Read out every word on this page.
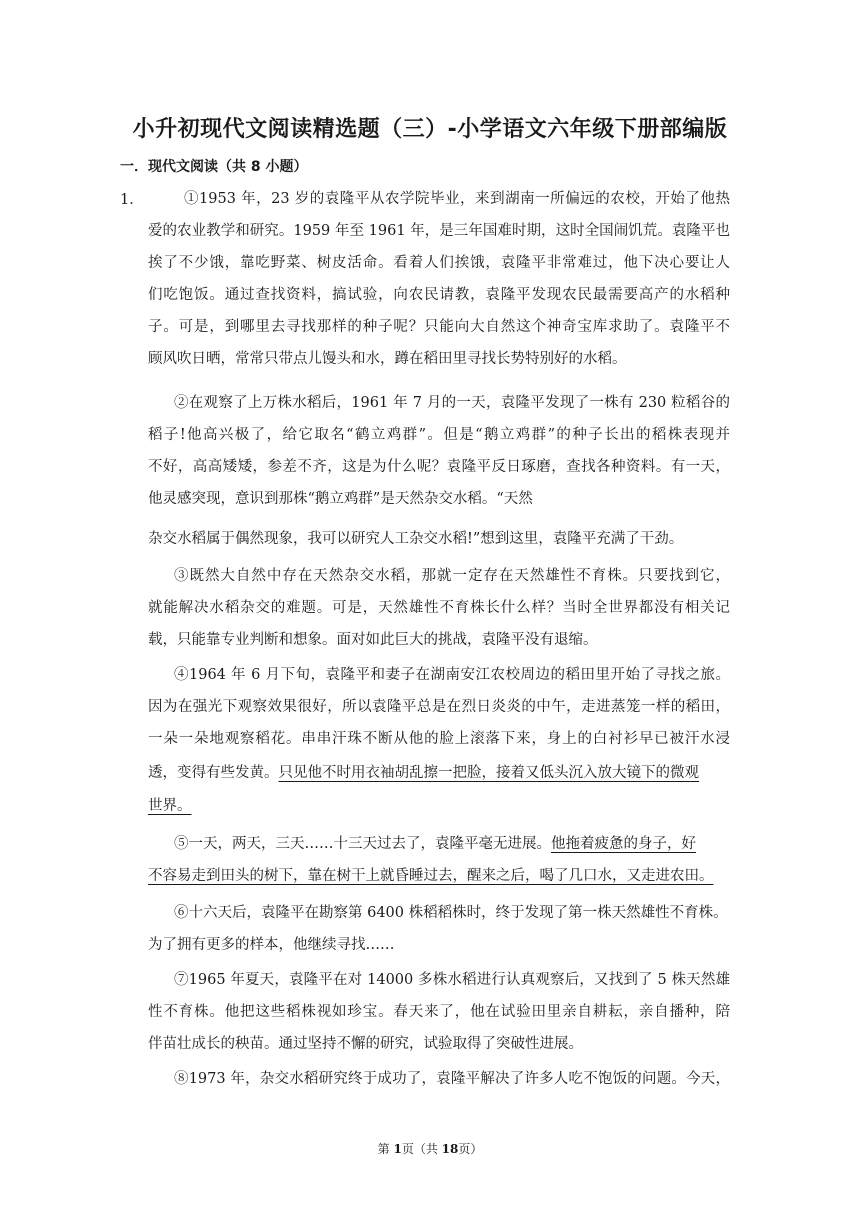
小升初现代文阅读精选题（三）-小学语文六年级下册部编版
一．现代文阅读（共 8 小题）
1．	①1953 年，23 岁的袁隆平从农学院毕业，来到湖南一所偏远的农校，开始了他热
爱的农业教学和研究。1959 年至 1961 年，是三年国难时期，这时全国闹饥荒。袁隆平也
挨了不少饿，靠吃野菜、树皮活命。看着人们挨饿，袁隆平非常难过，他下决心要让人
们吃饱饭。通过查找资料，搞试验，向农民请教，袁隆平发现农民最需要高产的水稻种
子。可是，到哪里去寻找那样的种子呢？只能向大自然这个神奇宝库求助了。袁隆平不
顾风吹日晒，常常只带点儿馒头和水，蹲在稻田里寻找长势特别好的水稻。
②在观察了上万株水稻后，1961 年 7 月的一天，袁隆平发现了一株有 230 粒稻谷的
稻子!他高兴极了，给它取名“鹤立鸡群”。但是“鹅立鸡群”的种子长出的稻株表现并
不好，高高矮矮，参差不齐，这是为什么呢？袁隆平反日琢磨，查找各种资料。有一天，
他灵感突现，意识到那株“鹅立鸡群”是天然杂交水稻。“天然
杂交水稻属于偶然现象，我可以研究人工杂交水稻!”想到这里，袁隆平充满了干劲。
③既然大自然中存在天然杂交水稻，那就一定存在天然雄性不育株。只要找到它，
就能解决水稻杂交的难题。可是，天然雄性不育株长什么样？当时全世界都没有相关记
载，只能靠专业判断和想象。面对如此巨大的挑战，袁隆平没有退缩。
④1964 年 6 月下旬，袁隆平和妻子在湖南安江农校周边的稻田里开始了寻找之旅。
因为在强光下观察效果很好，所以袁隆平总是在烈日炎炎的中午，走进蒸笼一样的稻田，
一朵一朵地观察稻花。串串汗珠不断从他的脸上滚落下来，身上的白衬衫早已被汗水浸
透，变得有些发黄。只见他不时用衣袖胡乱擦一把脸，接着又低头沉入放大镜下的微观
世界。
⑤一天，两天，三天……十三天过去了，袁隆平毫无进展。他拖着疲惫的身子，好
不容易走到田头的树下，靠在树干上就昏睡过去，醒来之后，喝了几口水，又走进农田。
⑥十六天后，袁隆平在勘察第 6400 株稻稻株时，终于发现了第一株天然雄性不育株。
为了拥有更多的样本，他继续寻找……
⑦1965 年夏天，袁隆平在对 14000 多株水稻进行认真观察后，又找到了 5 株天然雄
性不育株。他把这些稻株视如珍宝。春天来了，他在试验田里亲自耕耘，亲自播种，陪
伴苗壮成长的秧苗。通过坚持不懈的研究，试验取得了突破性进展。
⑧1973 年，杂交水稻研究终于成功了，袁隆平解决了许多人吃不饱饭的问题。今天，
第 1页（共 18页）
